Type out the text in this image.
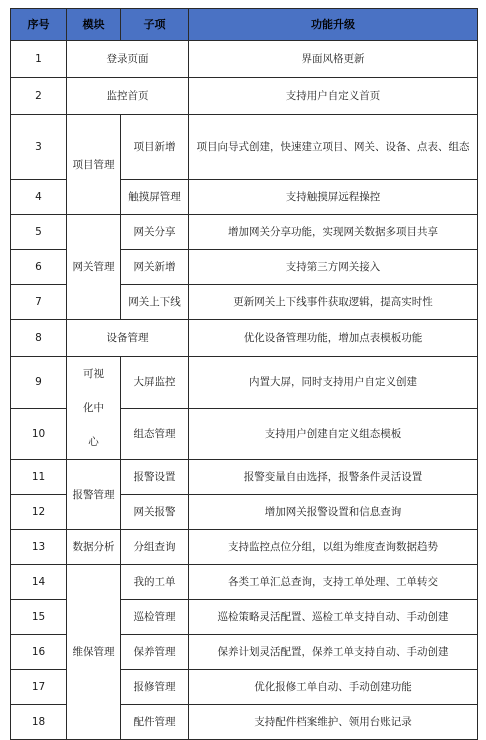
序号	模块	子项	功能升级
1	登录页面		界面风格更新
2	监控首页		支持用户自定义首页
3	项目管理	项目新增	项目向导式创建，快速建立项目、网关、设备、点表、组态
4		触摸屏管理	支持触摸屏远程操控
5	网关管理	网关分享	增加网关分享功能，实现网关数据多项目共享
6		网关新增	支持第三方网关接入
7		网关上下线	更新网关上下线事件获取逻辑，提高实时性
8	设备管理		优化设备管理功能，增加点表模板功能
9	可视化中心	大屏监控	内置大屏，同时支持用户自定义创建
10		组态管理	支持用户创建自定义组态模板
11	报警管理	报警设置	报警变量自由选择，报警条件灵活设置
12		网关报警	增加网关报警设置和信息查询
13	数据分析	分组查询	支持监控点位分组，以组为维度查询数据趋势
14	维保管理	我的工单	各类工单汇总查询，支持工单处理、工单转交
15		巡检管理	巡检策略灵活配置、巡检工单支持自动、手动创建
16		保养管理	保养计划灵活配置，保养工单支持自动、手动创建
17		报修管理	优化报修工单自动、手动创建功能
18		配件管理	支持配件档案维护、领用台账记录
